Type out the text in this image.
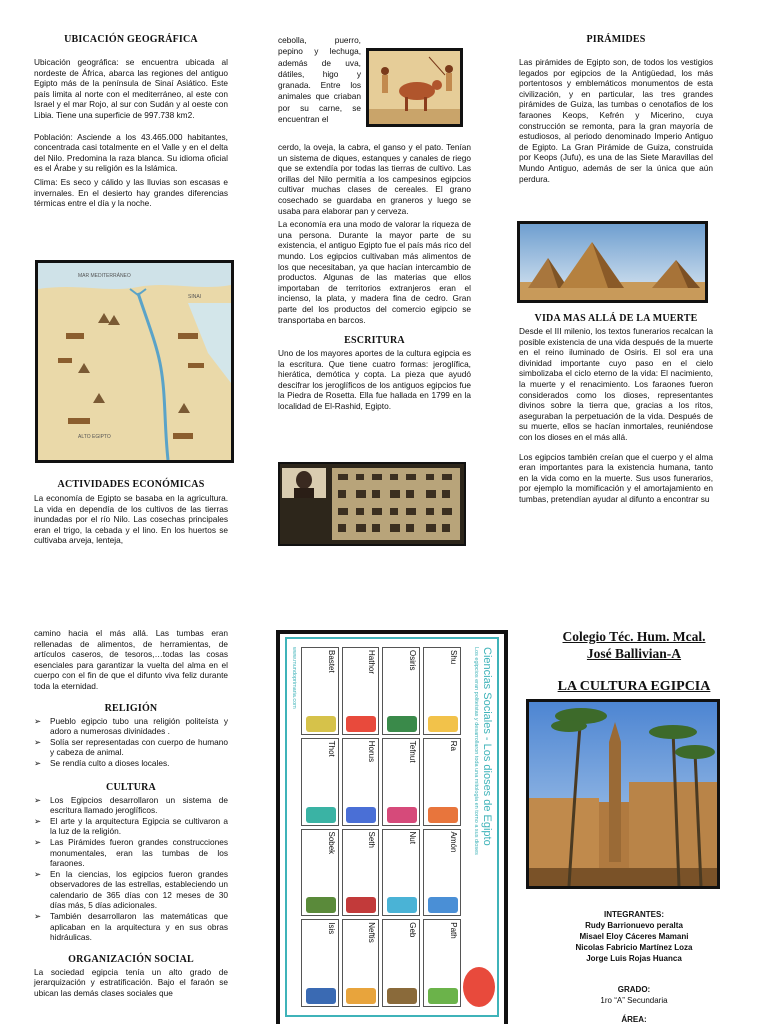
UBICACIÓN GEOGRÁFICA

Ubicación geográfica: se encuentra ubicada al nordeste de África, abarca las regiones del antiguo Egipto más de la península de Sinaí Asiático. Este país limita al norte con el mediterráneo, al este con Israel y el mar Rojo, al sur con Sudán y al oeste con Libia. Tiene una superficie de 997.738 km2.

Población: Asciende a los 43.465.000 habitantes, concentrada casi totalmente en el Valle y en el delta del Nilo. Predomina la raza blanca. Su idioma oficial es el Árabe y su religión es la Islámica.

Clima: Es seco y cálido y las lluvias son escasas e invernales. En el desierto hay grandes diferencias térmicas entre el día y la noche.

MAR MEDITERRÁNEO
SINAI
ALTO EGIPTO
ACTIVIDADES ECONÓMICAS

La economía de Egipto se basaba en la agricultura. La vida en dependía de los cultivos de las tierras inundadas por el río Nilo. Las cosechas principales eran el trigo, la cebada y el lino. En los huertos se cultivaba arveja, lenteja,

cebolla, puerro, pepino y lechuga, además de uva, dátiles, higo y granada. Entre los animales que criaban por su carne, se encuentran el

cerdo, la oveja, la cabra, el ganso y el pato. Tenían un sistema de diques, estanques y canales de riego que se extendía por todas las tierras de cultivo. Las orillas del Nilo permitía a los campesinos egipcios cultivar muchas clases de cereales. El grano cosechado se guardaba en graneros y luego se usaba para elaborar pan y cerveza.

La economía era una modo de valorar la riqueza de una persona. Durante la mayor parte de su existencia, el antiguo Egipto fue el país más rico del mundo. Los egipcios cultivaban más alimentos de los que necesitaban, ya que hacían intercambio de productos. Algunas de las materias que ellos importaban de territorios extranjeros eran el incienso, la plata, y madera fina de cedro. Gran parte del los productos del comercio egipcio se transportaba en barcos.

ESCRITURA

Uno de los mayores aportes de la cultura egipcia es la escritura. Que tiene cuatro formas: jeroglífica, hierática, demótica y copta. La pieza que ayudó descifrar los jeroglíficos de los antiguos egipcios fue la Piedra de Rosetta. Ella fue hallada en 1799 en la localidad de El-Rashid, Egipto.

PIRÁMIDES

Las pirámides de Egipto son, de todos los vestigios legados por egipcios de la Antigüedad, los más portentosos y emblemáticos monumentos de esta civilización, y en particular, las tres grandes pirámides de Guiza, las tumbas o cenotafios de los faraones Keops, Kefrén y Micerino, cuya construcción se remonta, para la gran mayoría de estudiosos, al periodo denominado Imperio Antiguo de Egipto. La Gran Pirámide de Guiza, construida por Keops (Jufu), es una de las Siete Maravillas del Mundo Antiguo, además de ser la única que aún perdura.

VIDA MAS ALLÁ DE LA MUERTE

Desde el III milenio, los textos funerarios recalcan la posible existencia de una vida después de la muerte en el reino iluminado de Osiris. El sol era una divinidad importante cuyo paso en el cielo simbolizaba el ciclo eterno de la vida: El nacimiento, la muerte y el renacimiento. Los faraones fueron considerados como los dioses, representantes divinos sobre la tierra que, gracias a los ritos, aseguraban la perpetuación de la vida. Después de su muerte, ellos se hacían inmortales, reuniéndose con los dioses en el más allá.

Los egipcios también creían que el cuerpo y el alma eran importantes para la existencia humana, tanto en la vida como en la muerte. Sus usos funerarios, por ejemplo la momificación y el amortajamiento en tumbas, pretendían ayudar al difunto a encontrar su

camino hacia el más allá. Las tumbas eran rellenadas de alimentos, de herramientas, de artículos caseros, de tesoros,…todas las cosas esenciales para garantizar la vuelta del alma en el cuerpo con el fin de que el difunto viva feliz durante toda la eternidad.

RELIGIÓN
➢ Pueblo egipcio tubo una religión politeísta y adoro a numerosas divinidades .
➢ Solía ser representadas con cuerpo de humano y cabeza de animal.
➢ Se rendía culto a dioses locales.
CULTURA
➢ Los Egipcios desarrollaron un sistema de escritura llamado jeroglíficos.
➢ El arte y la arquitectura Egipcia se cultivaron a la luz de la religión.
➢ Las Pirámides fueron grandes construcciones monumentales, eran las tumbas de los faraones.
➢ En la ciencias, los egipcios fueron grandes observadores de las estrellas, estableciendo un calendario de 365 días con 12 meses de 30 días más, 5 días adicionales.
➢ También desarrollaron las matemáticas que aplicaban en la arquitectura y en sus obras hidráulicas.
ORGANIZACIÓN SOCIAL

La sociedad egipcia tenía un alto grado de jerarquización y estratificación. Bajo el faraón se ubican las demás clases sociales que

Ciencias Sociales - Los dioses de Egipto
Los egipcios eran politeístas y desarrollaron toda una mitología en torno a sus dioses
Shu
Ra
Amón
Path
Osiris
Tefnut
Nut
Geb
Hathor
Horus
Seth
Neftis
Bastet
Thot
Sobek
Isis
www.mundoprimaria.com
Colegio Téc. Hum. Mcal.
José Ballivian-A
LA CULTURA EGIPCIA
INTEGRANTES:
Rudy Barrionuevo peralta
Misael Eloy Cáceres Mamani
Nicolas Fabricio Martínez Loza
Jorge Luis Rojas Huanca
GRADO:
1ro “A” Secundaria
ÁREA:
